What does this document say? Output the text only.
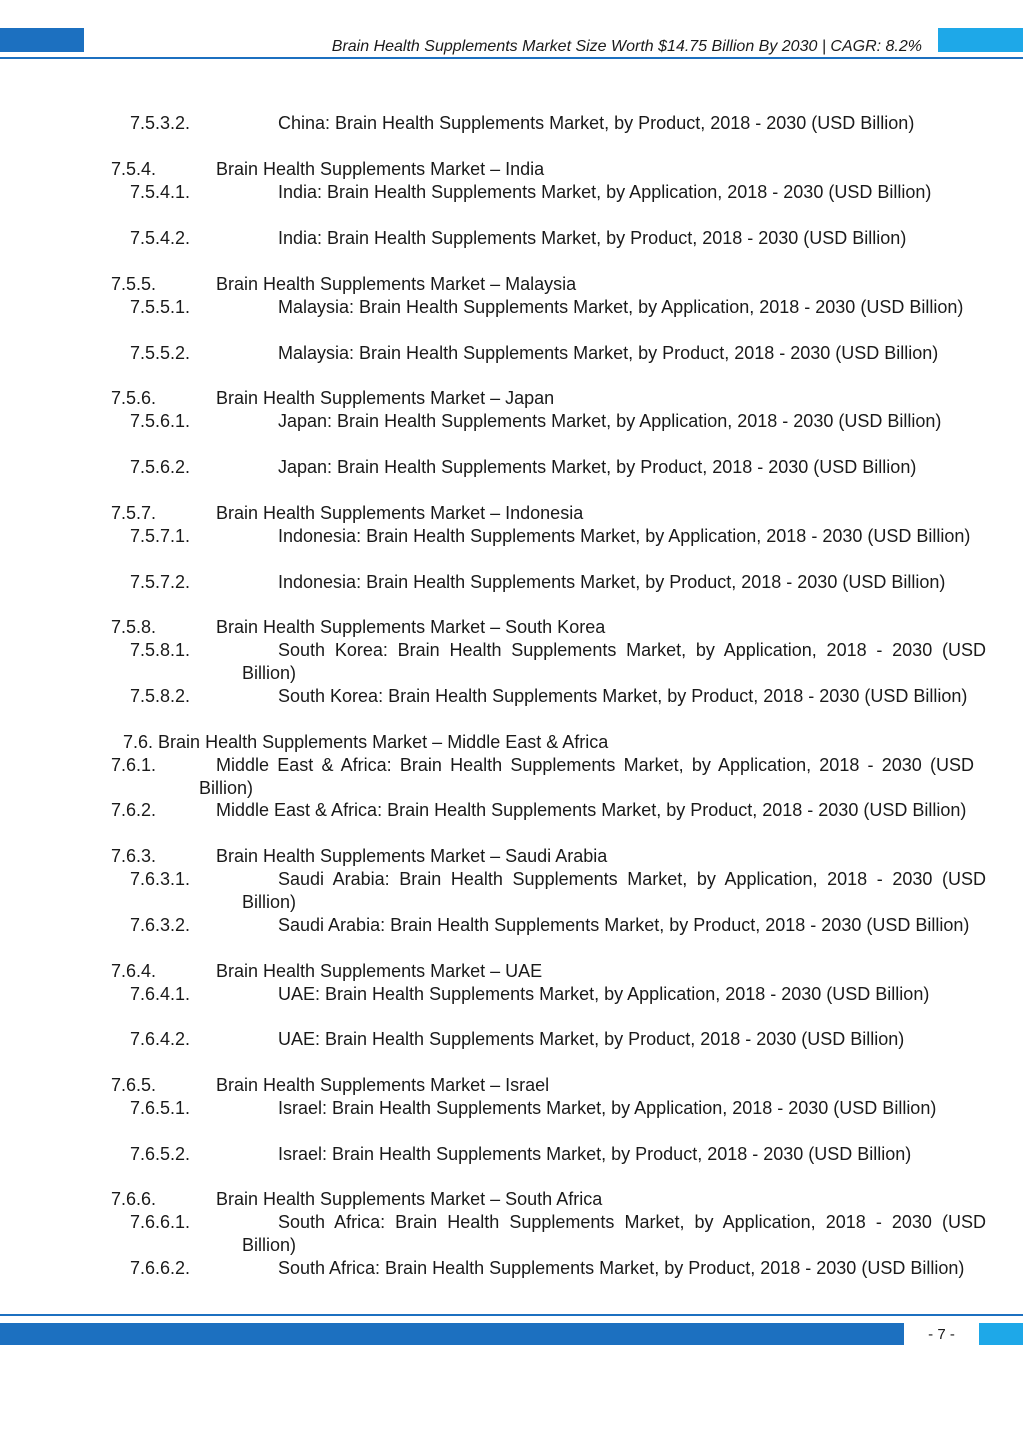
Brain Health Supplements Market Size Worth $14.75 Billion By 2030 | CAGR: 8.2%
7.5.3.2.	China: Brain Health Supplements Market, by Product, 2018 - 2030 (USD Billion)
7.5.4.	Brain Health Supplements Market – India
7.5.4.1.	India: Brain Health Supplements Market, by Application, 2018 - 2030 (USD Billion)
7.5.4.2.	India: Brain Health Supplements Market, by Product, 2018 - 2030 (USD Billion)
7.5.5.	Brain Health Supplements Market – Malaysia
7.5.5.1.	Malaysia: Brain Health Supplements Market, by Application, 2018 - 2030 (USD Billion)
7.5.5.2.	Malaysia: Brain Health Supplements Market, by Product, 2018 - 2030 (USD Billion)
7.5.6.	Brain Health Supplements Market – Japan
7.5.6.1.	Japan: Brain Health Supplements Market, by Application, 2018 - 2030 (USD Billion)
7.5.6.2.	Japan: Brain Health Supplements Market, by Product, 2018 - 2030 (USD Billion)
7.5.7.	Brain Health Supplements Market – Indonesia
7.5.7.1.	Indonesia: Brain Health Supplements Market, by Application, 2018 - 2030 (USD Billion)
7.5.7.2.	Indonesia: Brain Health Supplements Market, by Product, 2018 - 2030 (USD Billion)
7.5.8.	Brain Health Supplements Market – South Korea
7.5.8.1.	South Korea: Brain Health Supplements Market, by Application, 2018 - 2030 (USD Billion)
7.5.8.2.	South Korea: Brain Health Supplements Market, by Product, 2018 - 2030 (USD Billion)
7.6. Brain Health Supplements Market – Middle East & Africa
7.6.1.	Middle East & Africa: Brain Health Supplements Market, by Application, 2018 - 2030 (USD Billion)
7.6.2.	Middle East & Africa: Brain Health Supplements Market, by Product, 2018 - 2030 (USD Billion)
7.6.3.	Brain Health Supplements Market – Saudi Arabia
7.6.3.1.	Saudi Arabia: Brain Health Supplements Market, by Application, 2018 - 2030 (USD Billion)
7.6.3.2.	Saudi Arabia: Brain Health Supplements Market, by Product, 2018 - 2030 (USD Billion)
7.6.4.	Brain Health Supplements Market – UAE
7.6.4.1.	UAE: Brain Health Supplements Market, by Application, 2018 - 2030 (USD Billion)
7.6.4.2.	UAE: Brain Health Supplements Market, by Product, 2018 - 2030 (USD Billion)
7.6.5.	Brain Health Supplements Market – Israel
7.6.5.1.	Israel: Brain Health Supplements Market, by Application, 2018 - 2030 (USD Billion)
7.6.5.2.	Israel: Brain Health Supplements Market, by Product, 2018 - 2030 (USD Billion)
7.6.6.	Brain Health Supplements Market – South Africa
7.6.6.1.	South Africa: Brain Health Supplements Market, by Application, 2018 - 2030 (USD Billion)
7.6.6.2.	South Africa: Brain Health Supplements Market, by Product, 2018 - 2030 (USD Billion)
- 7 -
